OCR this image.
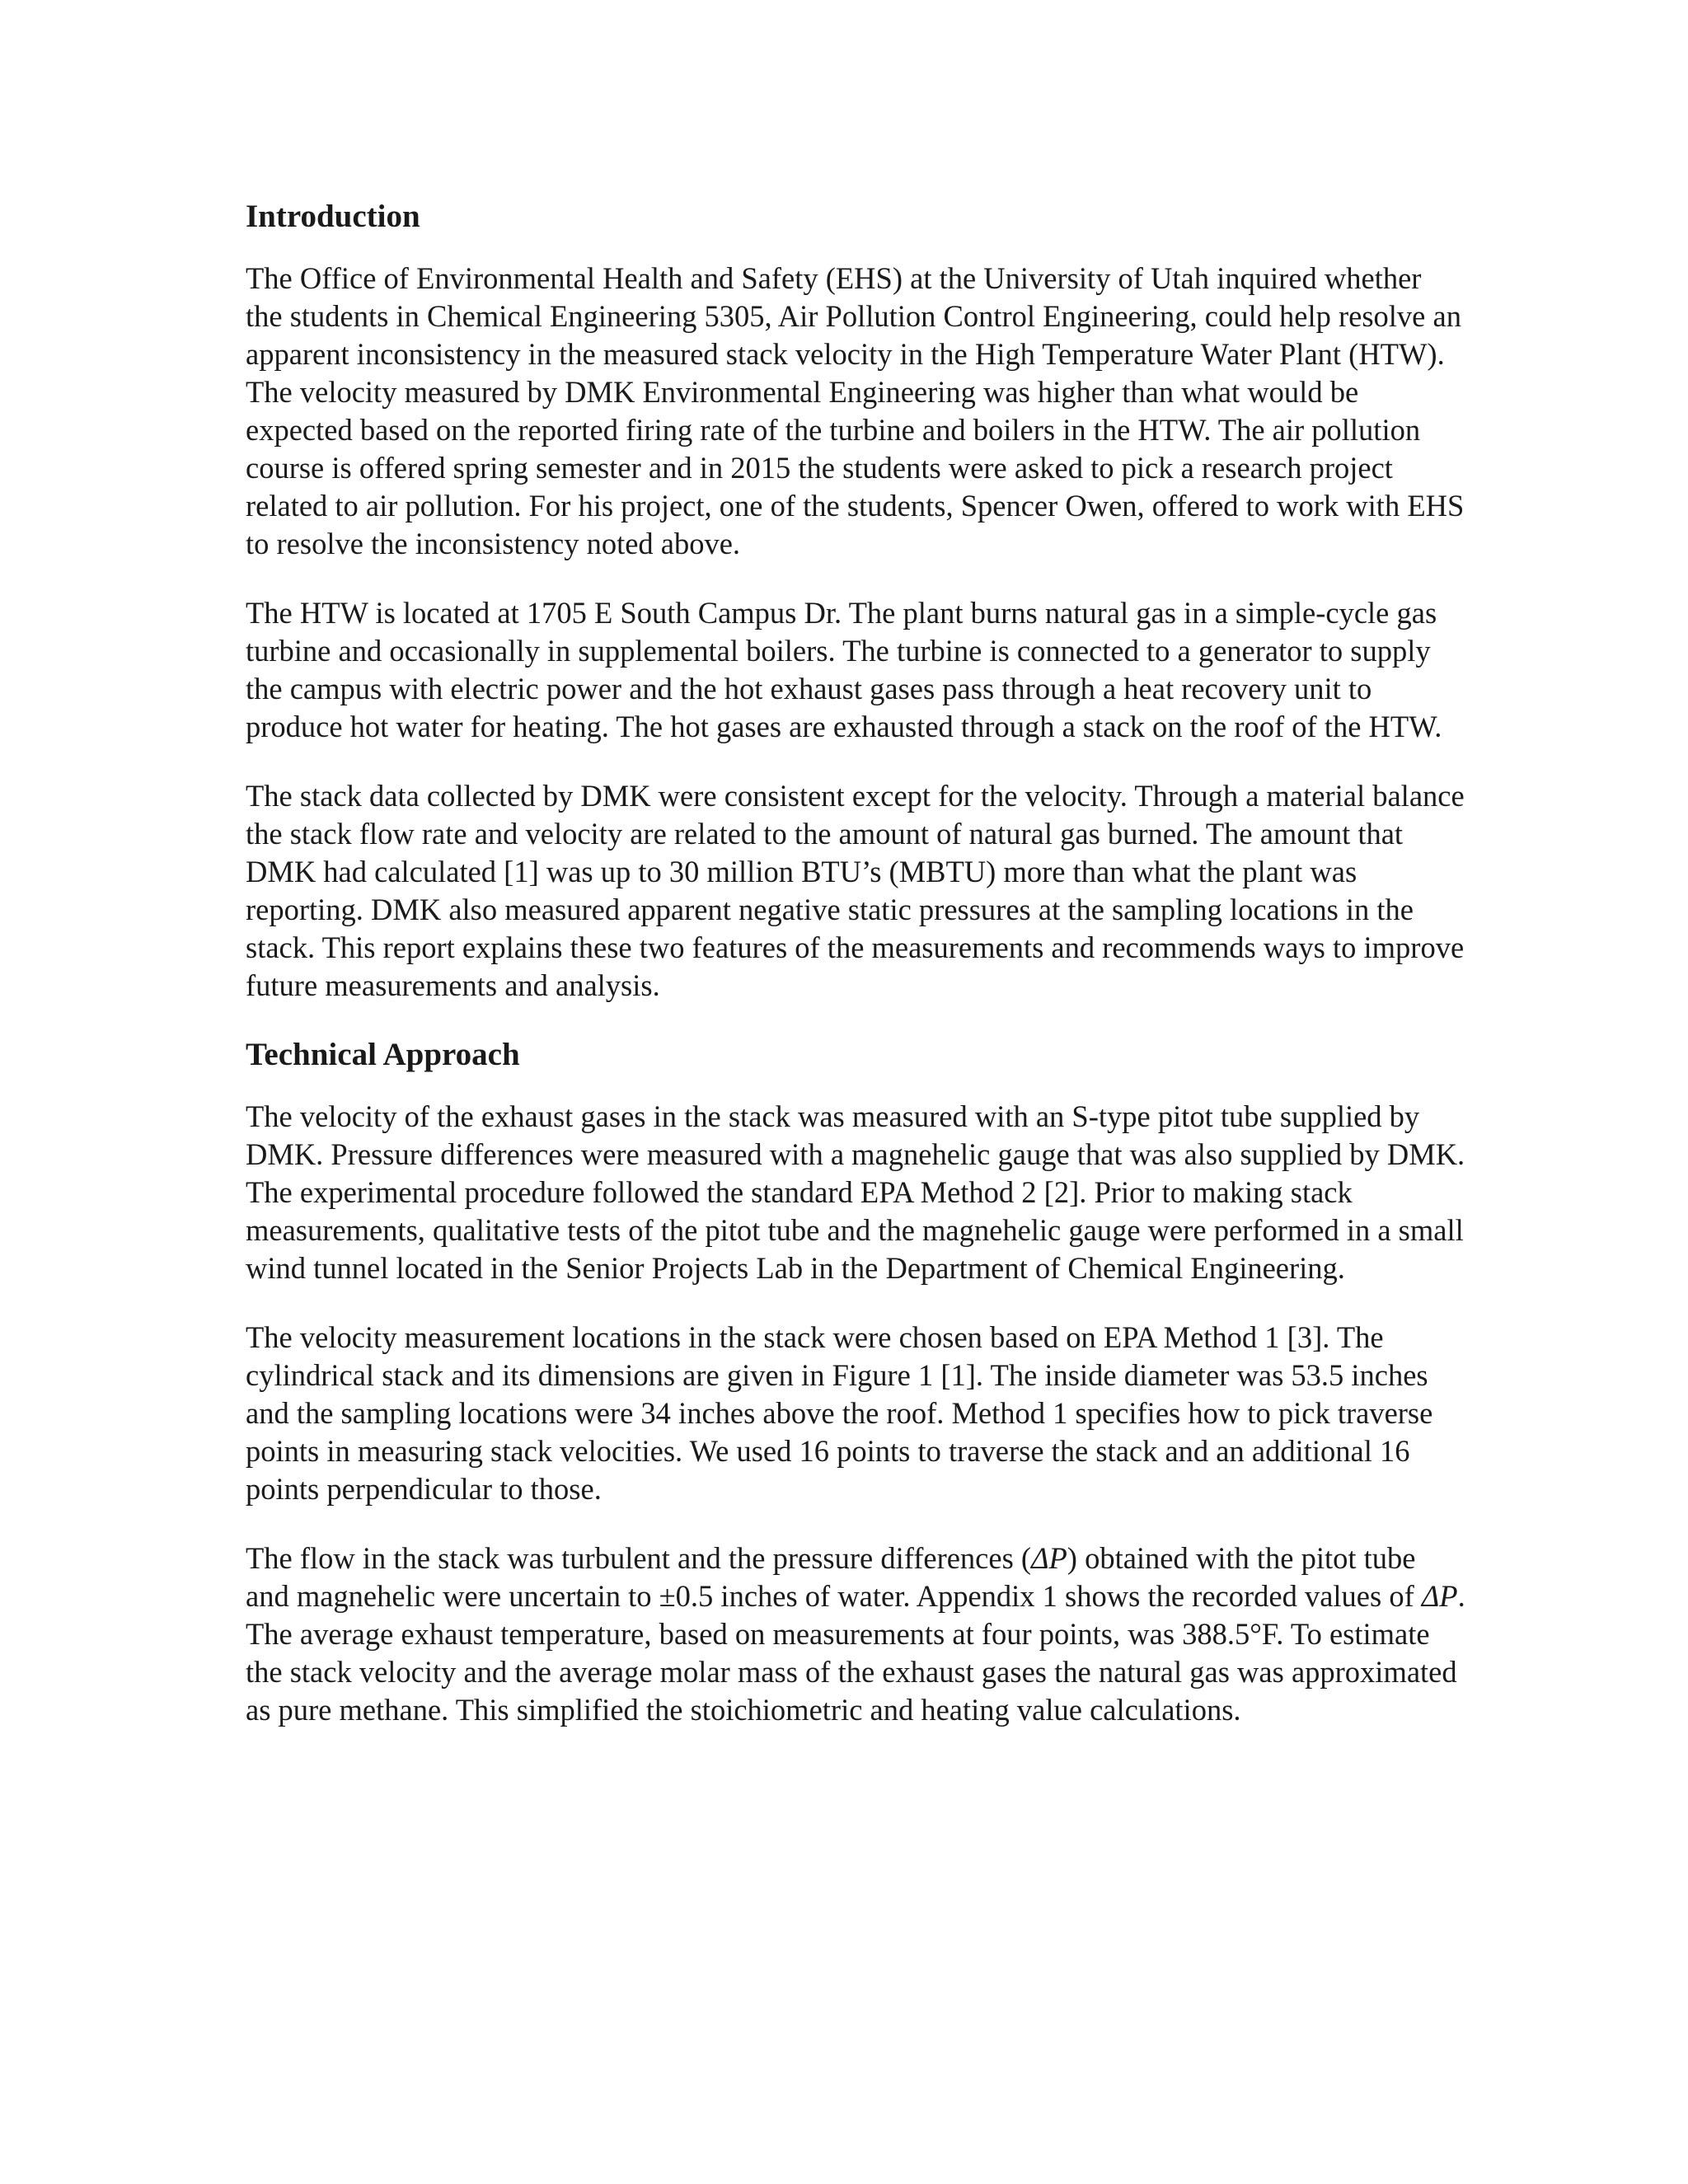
Introduction

The Office of Environmental Health and Safety (EHS) at the University of Utah inquired whether the students in Chemical Engineering 5305, Air Pollution Control Engineering, could help resolve an apparent inconsistency in the measured stack velocity in the High Temperature Water Plant (HTW). The velocity measured by DMK Environmental Engineering was higher than what would be expected based on the reported firing rate of the turbine and boilers in the HTW. The air pollution course is offered spring semester and in 2015 the students were asked to pick a research project related to air pollution. For his project, one of the students, Spencer Owen, offered to work with EHS to resolve the inconsistency noted above.

The HTW is located at 1705 E South Campus Dr. The plant burns natural gas in a simple-cycle gas turbine and occasionally in supplemental boilers. The turbine is connected to a generator to supply the campus with electric power and the hot exhaust gases pass through a heat recovery unit to produce hot water for heating. The hot gases are exhausted through a stack on the roof of the HTW.

The stack data collected by DMK were consistent except for the velocity. Through a material balance the stack flow rate and velocity are related to the amount of natural gas burned. The amount that DMK had calculated [1] was up to 30 million BTU’s (MBTU) more than what the plant was reporting. DMK also measured apparent negative static pressures at the sampling locations in the stack. This report explains these two features of the measurements and recommends ways to improve future measurements and analysis.

Technical Approach

The velocity of the exhaust gases in the stack was measured with an S-type pitot tube supplied by DMK. Pressure differences were measured with a magnehelic gauge that was also supplied by DMK. The experimental procedure followed the standard EPA Method 2 [2]. Prior to making stack measurements, qualitative tests of the pitot tube and the magnehelic gauge were performed in a small wind tunnel located in the Senior Projects Lab in the Department of Chemical Engineering.

The velocity measurement locations in the stack were chosen based on EPA Method 1 [3]. The cylindrical stack and its dimensions are given in Figure 1 [1]. The inside diameter was 53.5 inches and the sampling locations were 34 inches above the roof. Method 1 specifies how to pick traverse points in measuring stack velocities. We used 16 points to traverse the stack and an additional 16 points perpendicular to those.

The flow in the stack was turbulent and the pressure differences (ΔP) obtained with the pitot tube and magnehelic were uncertain to ±0.5 inches of water. Appendix 1 shows the recorded values of ΔP. The average exhaust temperature, based on measurements at four points, was 388.5°F. To estimate the stack velocity and the average molar mass of the exhaust gases the natural gas was approximated as pure methane. This simplified the stoichiometric and heating value calculations.
